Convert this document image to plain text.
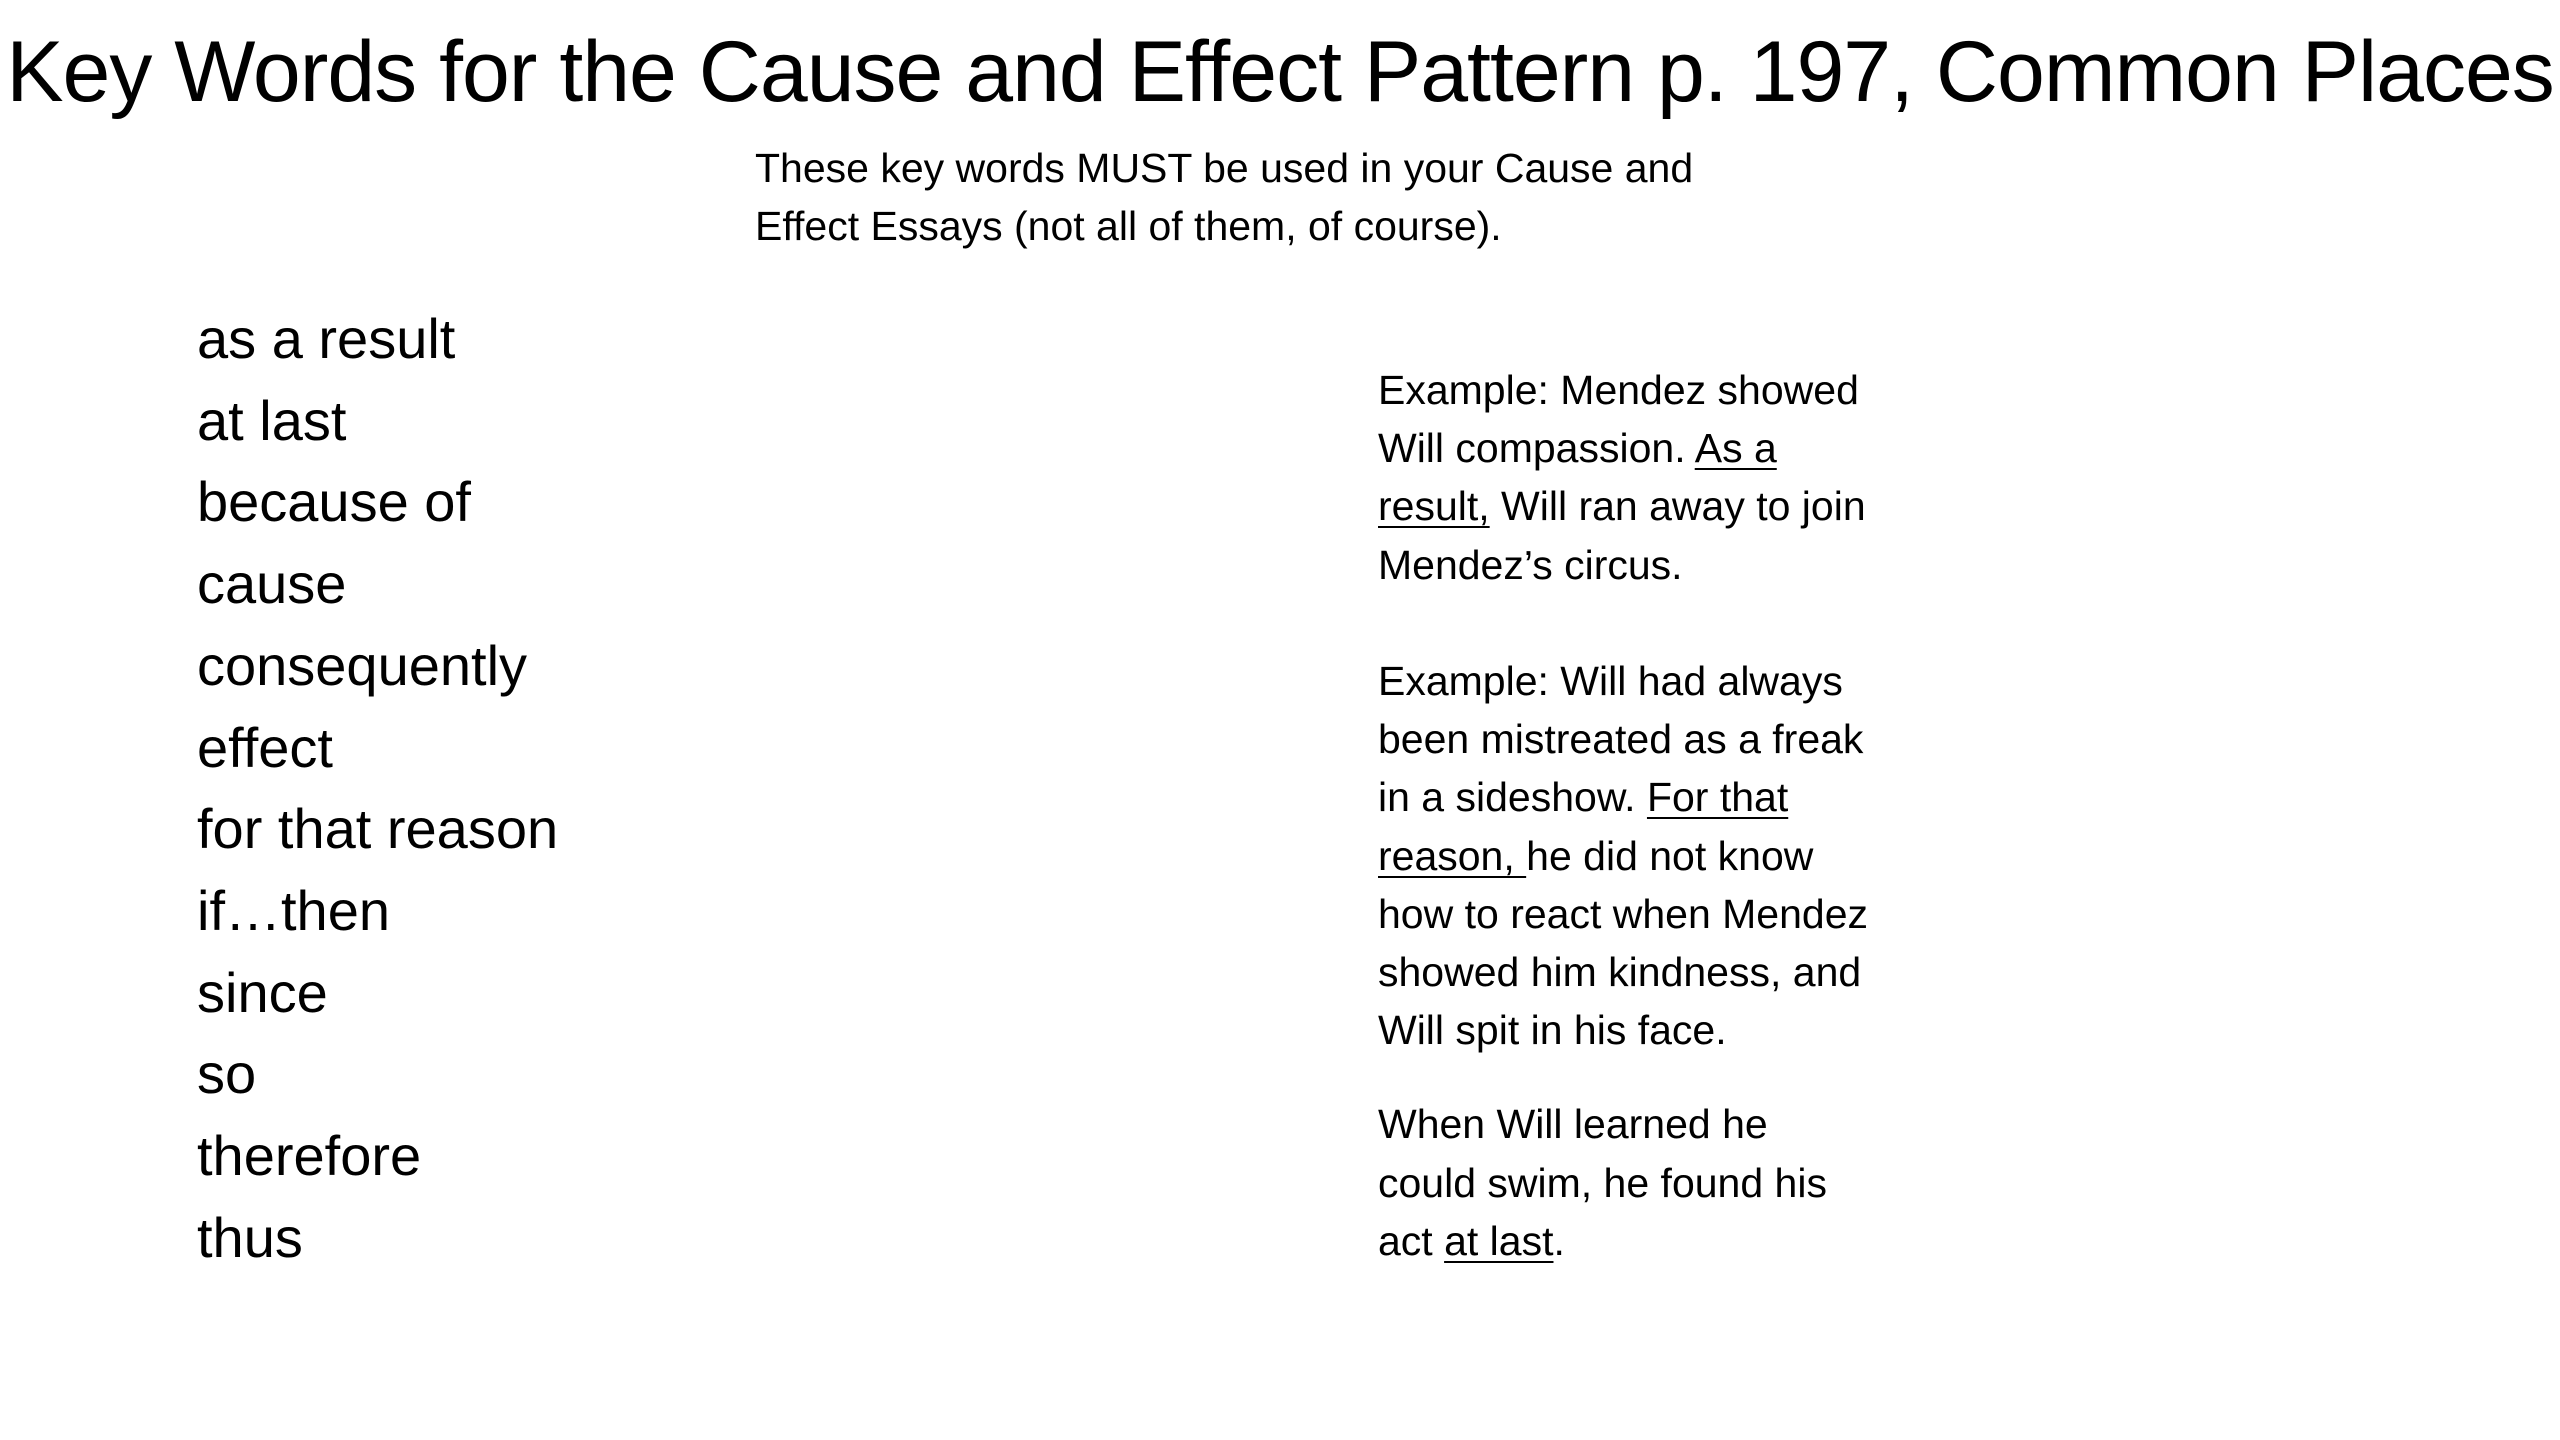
Key Words for the Cause and Effect Pattern p. 197, Common Places
These key words MUST be used in your Cause and
Effect Essays (not all of them, of course).
as a result
at last
because of
cause
consequently
effect
for that reason
if…then
since
so
therefore
thus
Example: Mendez showed
Will compassion. As a
result, Will ran away to join
Mendez’s circus.
Example: Will had always
been mistreated as a freak
in a sideshow. For that
reason, he did not know
how to react when Mendez
showed him kindness, and
Will spit in his face.
When Will learned he
could swim, he found his
act at last.
